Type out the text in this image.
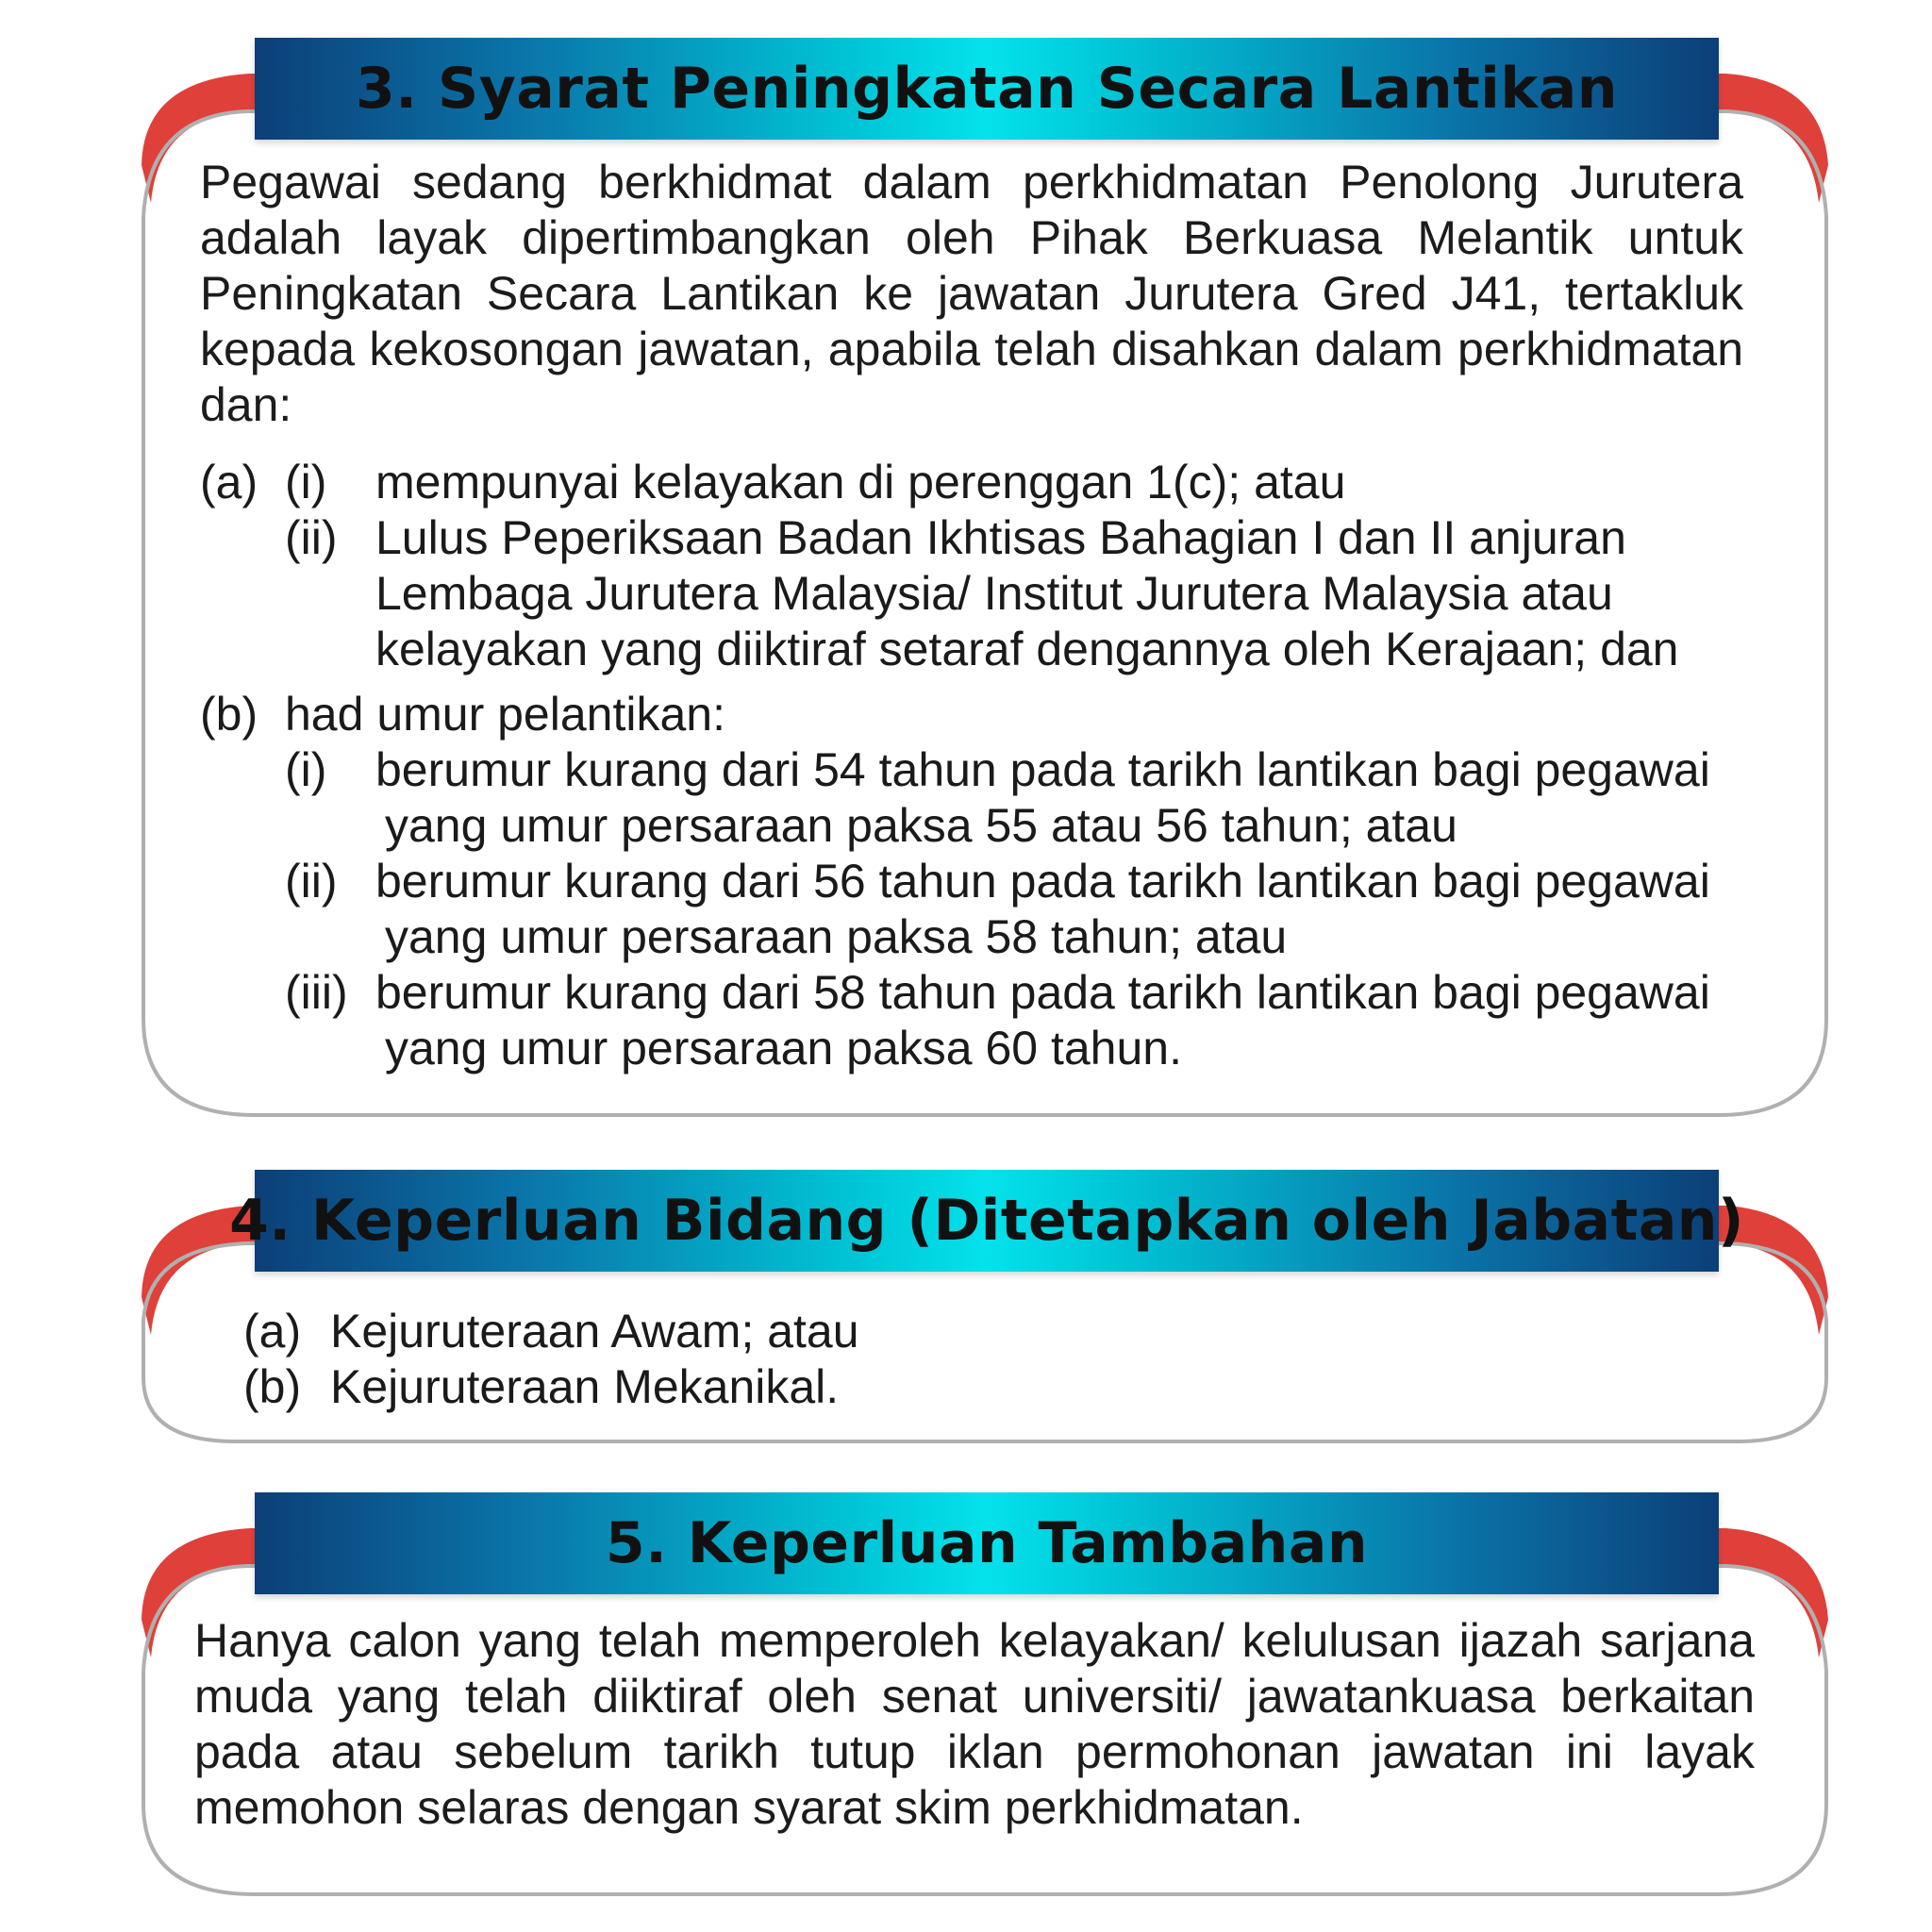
3. Syarat Peningkatan Secara Lantikan
Pegawai sedang berkhidmat dalam perkhidmatan Penolong Jurutera adalah layak dipertimbangkan oleh Pihak Berkuasa Melantik untuk Peningkatan Secara Lantikan ke jawatan Jurutera Gred J41, tertakluk kepada kekosongan jawatan, apabila telah disahkan dalam perkhidmatan dan:
(a) (i) mempunyai kelayakan di perenggan 1(c); atau
(ii) Lulus Peperiksaan Badan Ikhtisas Bahagian I dan II anjuran
Lembaga Jurutera Malaysia/ Institut Jurutera Malaysia atau
kelayakan yang diiktiraf setaraf dengannya oleh Kerajaan; dan
(b) had umur pelantikan:
(i) berumur kurang dari 54 tahun pada tarikh lantikan bagi pegawai
yang umur persaraan paksa 55 atau 56 tahun; atau
(ii) berumur kurang dari 56 tahun pada tarikh lantikan bagi pegawai
yang umur persaraan paksa 58 tahun; atau
(iii) berumur kurang dari 58 tahun pada tarikh lantikan bagi pegawai
yang umur persaraan paksa 60 tahun.
4. Keperluan Bidang (Ditetapkan oleh Jabatan)
(a) Kejuruteraan Awam; atau
(b) Kejuruteraan Mekanikal.
5. Keperluan Tambahan
Hanya calon yang telah memperoleh kelayakan/ kelulusan ijazah sarjana muda yang telah diiktiraf oleh senat universiti/ jawatankuasa berkaitan pada atau sebelum tarikh tutup iklan permohonan jawatan ini layak memohon selaras dengan syarat skim perkhidmatan.
